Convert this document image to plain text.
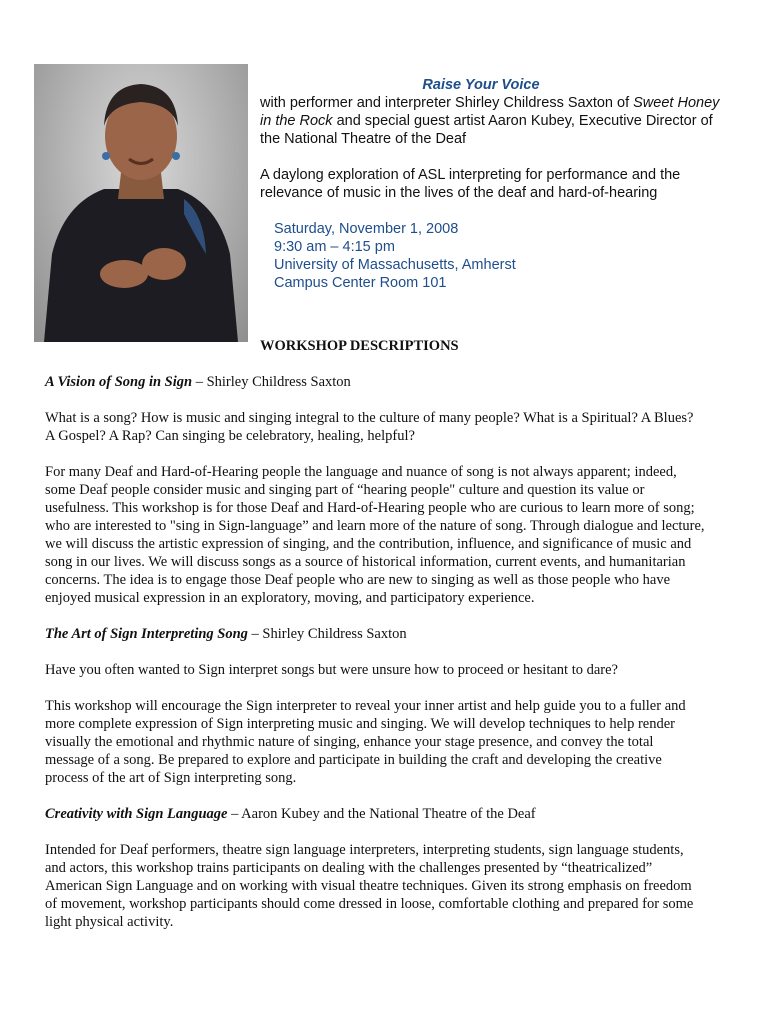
Raise Your Voice

with performer and interpreter Shirley Childress Saxton of Sweet Honey in the Rock and special guest artist Aaron Kubey, Executive Director of the National Theatre of the Deaf

A daylong exploration of ASL interpreting for performance and the relevance of music in the lives of the deaf and hard-of-hearing

Saturday, November 1, 2008
9:30 am – 4:15 pm
University of Massachusetts, Amherst
Campus Center Room 101
WORKSHOP DESCRIPTIONS

A Vision of Song in Sign – Shirley Childress Saxton

What is a song? How is music and singing integral to the culture of many people? What is a Spiritual? A Blues? A Gospel? A Rap? Can singing be celebratory, healing, helpful?

For many Deaf and Hard-of-Hearing people the language and nuance of song is not always apparent; indeed, some Deaf people consider music and singing part of “hearing people" culture and question its value or usefulness. This workshop is for those Deaf and Hard-of-Hearing people who are curious to learn more of song; who are interested to "sing in Sign-language” and learn more of the nature of song. Through dialogue and lecture, we will discuss the artistic expression of singing, and the contribution, influence, and significance of music and song in our lives. We will discuss songs as a source of historical information, current events, and humanitarian concerns. The idea is to engage those Deaf people who are new to singing as well as those people who have enjoyed musical expression in an exploratory, moving, and participatory experience.

The Art of Sign Interpreting Song – Shirley Childress Saxton

Have you often wanted to Sign interpret songs but were unsure how to proceed or hesitant to dare?

This workshop will encourage the Sign interpreter to reveal your inner artist and help guide you to a fuller and more complete expression of Sign interpreting music and singing. We will develop techniques to help render visually the emotional and rhythmic nature of singing, enhance your stage presence, and convey the total message of a song. Be prepared to explore and participate in building the craft and developing the creative process of the art of Sign interpreting song.

Creativity with Sign Language – Aaron Kubey and the National Theatre of the Deaf

Intended for Deaf performers, theatre sign language interpreters, interpreting students, sign language students, and actors, this workshop trains participants on dealing with the challenges presented by “theatricalized” American Sign Language and on working with visual theatre techniques. Given its strong emphasis on freedom of movement, workshop participants should come dressed in loose, comfortable clothing and prepared for some light physical activity.
